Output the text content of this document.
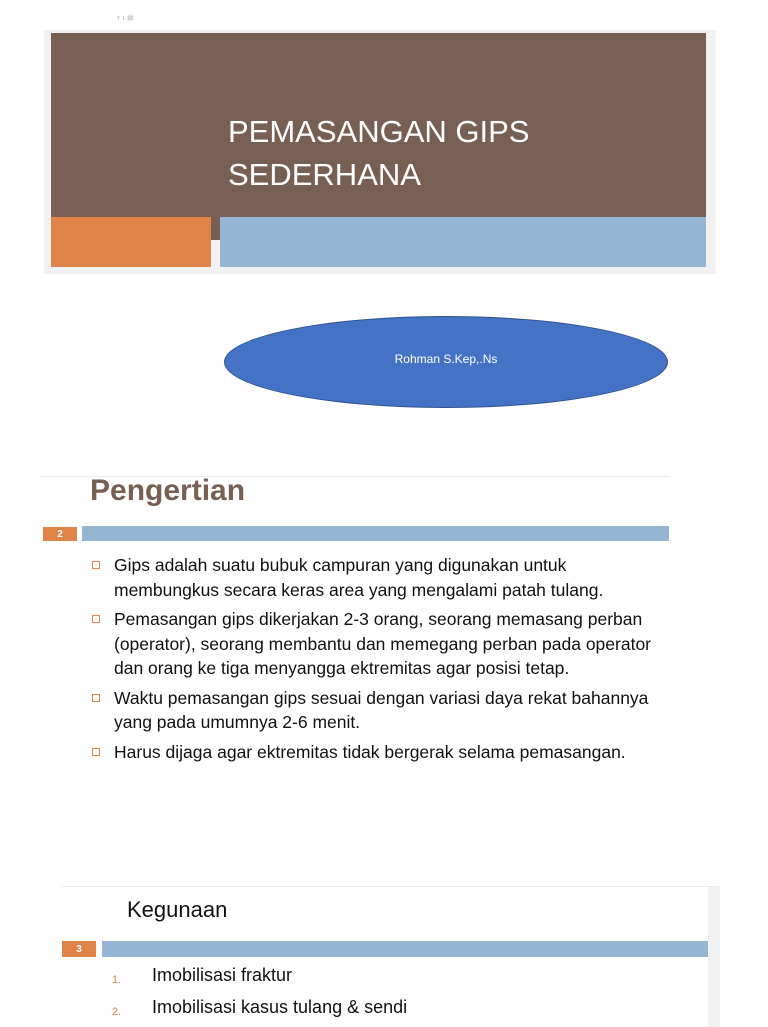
ﷺ ۱ ۲
PEMASANGAN GIPS
SEDERHANA
Rohman S.Kep,.Ns
Pengertian
2
Gips adalah suatu bubuk campuran yang digunakan untuk membungkus secara keras area yang mengalami patah tulang.
Pemasangan gips dikerjakan 2-3 orang, seorang memasang perban (operator), seorang membantu dan memegang perban pada operator dan orang ke tiga menyangga ektremitas agar posisi tetap.
Waktu pemasangan gips sesuai dengan variasi daya rekat bahannya yang pada umumnya 2-6 menit.
Harus dijaga agar ektremitas tidak bergerak selama pemasangan.
Kegunaan
3
1. Imobilisasi fraktur
2. Imobilisasi kasus tulang & sendi
